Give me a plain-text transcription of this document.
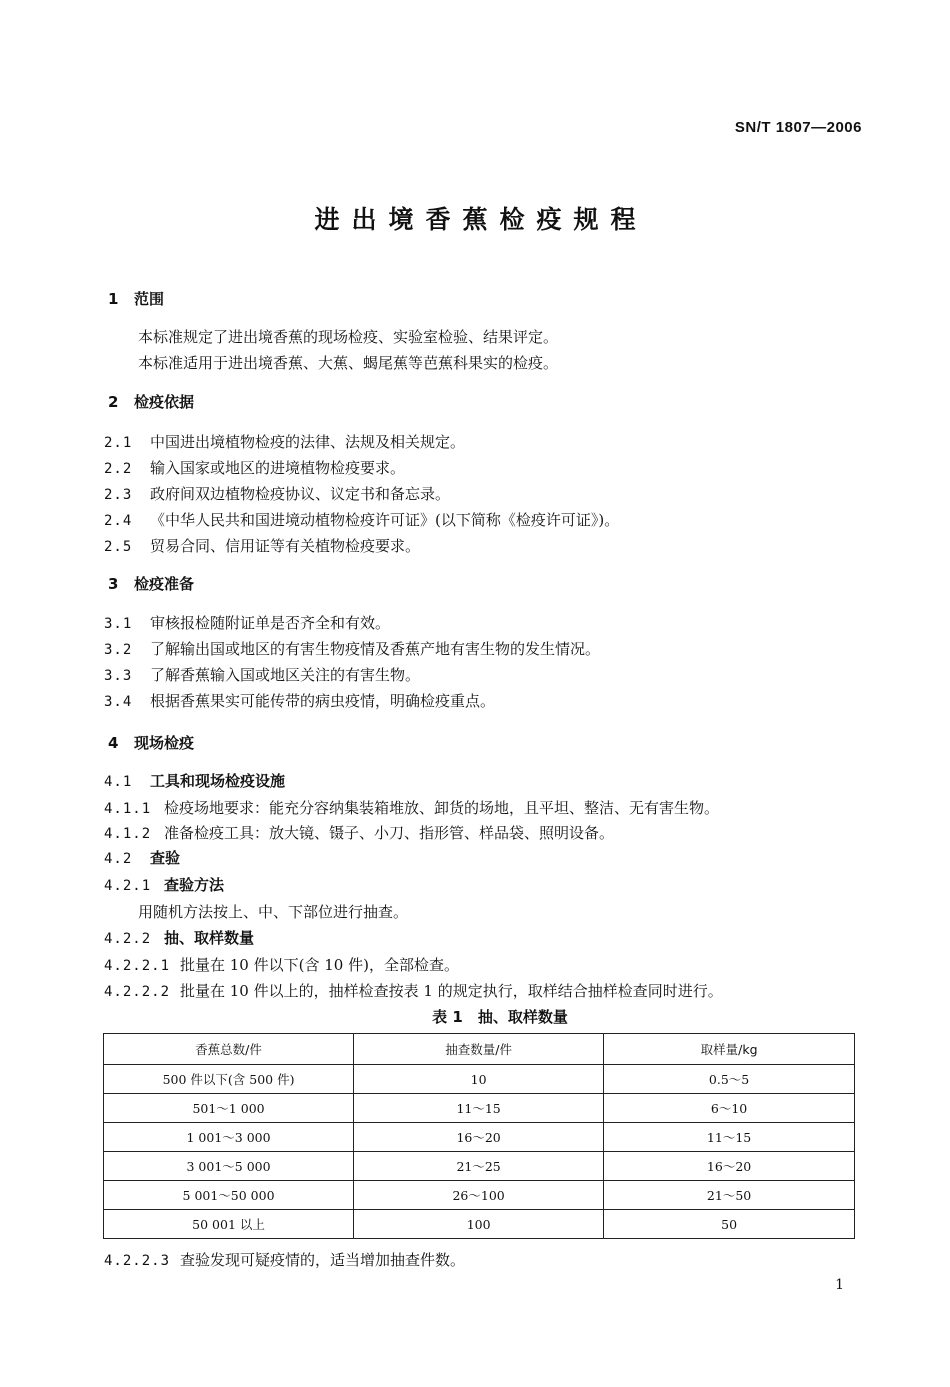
SN/T 1807—2006
进出境香蕉检疫规程
1 范围
本标准规定了进出境香蕉的现场检疫、实验室检验、结果评定。
本标准适用于进出境香蕉、大蕉、蝎尾蕉等芭蕉科果实的检疫。
2 检疫依据
2.1 中国进出境植物检疫的法律、法规及相关规定。
2.2 输入国家或地区的进境植物检疫要求。
2.3 政府间双边植物检疫协议、议定书和备忘录。
2.4 《中华人民共和国进境动植物检疫许可证》(以下简称《检疫许可证》)。
2.5 贸易合同、信用证等有关植物检疫要求。
3 检疫准备
3.1 审核报检随附证单是否齐全和有效。
3.2 了解输出国或地区的有害生物疫情及香蕉产地有害生物的发生情况。
3.3 了解香蕉输入国或地区关注的有害生物。
3.4 根据香蕉果实可能传带的病虫疫情，明确检疫重点。
4 现场检疫
4.1 工具和现场检疫设施
4.1.1 检疫场地要求：能充分容纳集装箱堆放、卸货的场地，且平坦、整洁、无有害生物。
4.1.2 准备检疫工具：放大镜、镊子、小刀、指形管、样品袋、照明设备。
4.2 查验
4.2.1 查验方法
用随机方法按上、中、下部位进行抽查。
4.2.2 抽、取样数量
4.2.2.1 批量在 10 件以下(含 10 件)，全部检查。
4.2.2.2 批量在 10 件以上的，抽样检查按表 1 的规定执行，取样结合抽样检查同时进行。
表 1　抽、取样数量
香蕉总数/件	抽查数量/件	取样量/kg
500 件以下(含 500 件)	10	0.5～5
501～1 000	11～15	6～10
1 001～3 000	16～20	11～15
3 001～5 000	21～25	16～20
5 001～50 000	26～100	21～50
50 001 以上	100	50
4.2.2.3 查验发现可疑疫情的，适当增加抽查件数。
1
